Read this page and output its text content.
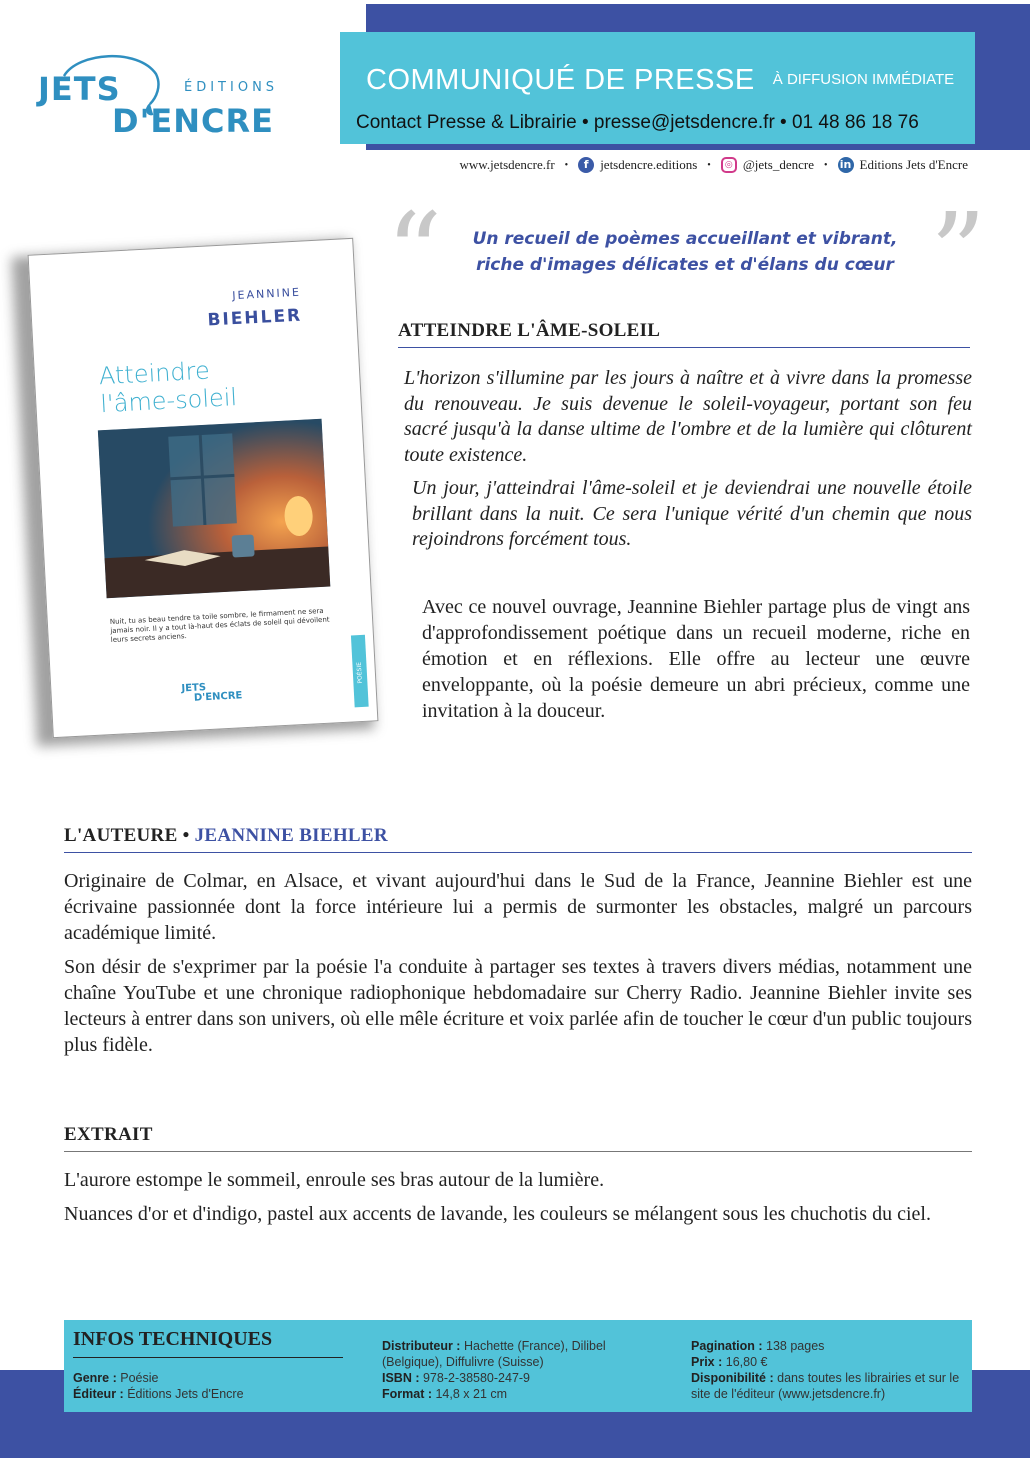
JETS	ÉDITIONS
D'ENCRE
COMMUNIQUÉ DE PRESSE	À DIFFUSION IMMÉDIATE
Contact Presse & Librairie • presse@jetsdencre.fr • 01 48 86 18 76
www.jetsdencre.fr •	f jetsdencre.editions •	◎ @jets_dencre • in Editions Jets d'Encre
JEANNINE
BIEHLER
Atteindre
l'âme-soleil
Nuit, tu as beau tendre ta toile sombre, le firmament ne sera jamais noir. Il y a tout là-haut des éclats de soleil qui dévoilent leurs secrets anciens.
POÉSIE
JETS
D'ENCRE
“	”
Un recueil de poèmes accueillant et vibrant,
riche d'images délicates et d'élans du cœur
ATTEINDRE L'ÂME-SOLEIL

L'horizon s'illumine par les jours à naître et à vivre dans la promesse du renouveau. Je suis devenue le soleil-voyageur, portant son feu sacré jusqu'à la danse ultime de l'ombre et de la lumière qui clôturent toute existence.

Un jour, j'atteindrai l'âme-soleil et je deviendrai une nouvelle étoile brillant dans la nuit. Ce sera l'unique vérité d'un chemin que nous rejoindrons forcément tous.

Avec ce nouvel ouvrage, Jeannine Biehler partage plus de vingt ans d'approfondissement poétique dans un recueil moderne, riche en émotion et en réflexions. Elle offre au lecteur une œuvre enveloppante, où la poésie demeure un abri précieux, comme une invitation à la douceur.
L'AUTEURE • JEANNINE BIEHLER

Originaire de Colmar, en Alsace, et vivant aujourd'hui dans le Sud de la France, Jeannine Biehler est une écrivaine passionnée dont la force intérieure lui a permis de surmonter les obstacles, malgré un parcours académique limité.

Son désir de s'exprimer par la poésie l'a conduite à partager ses textes à travers divers médias, notamment une chaîne YouTube et une chronique radiophonique hebdomadaire sur Cherry Radio. Jeannine Biehler invite ses lecteurs à entrer dans son univers, où elle mêle écriture et voix parlée afin de toucher le cœur d'un public toujours plus fidèle.

EXTRAIT

L'aurore estompe le sommeil, enroule ses bras autour de la lumière.

Nuances d'or et d'indigo, pastel aux accents de lavande, les couleurs se mélangent sous les chuchotis du ciel.

INFOS TECHNIQUES
Genre : Poésie
Éditeur : Éditions Jets d'Encre
Distributeur : Hachette (France), Dilibel (Belgique), Diffulivre (Suisse)
ISBN : 978-2-38580-247-9
Format : 14,8 x 21 cm
Pagination : 138 pages
Prix : 16,80 €
Disponibilité : dans toutes les librairies et sur le site de l'éditeur (www.jetsdencre.fr)
